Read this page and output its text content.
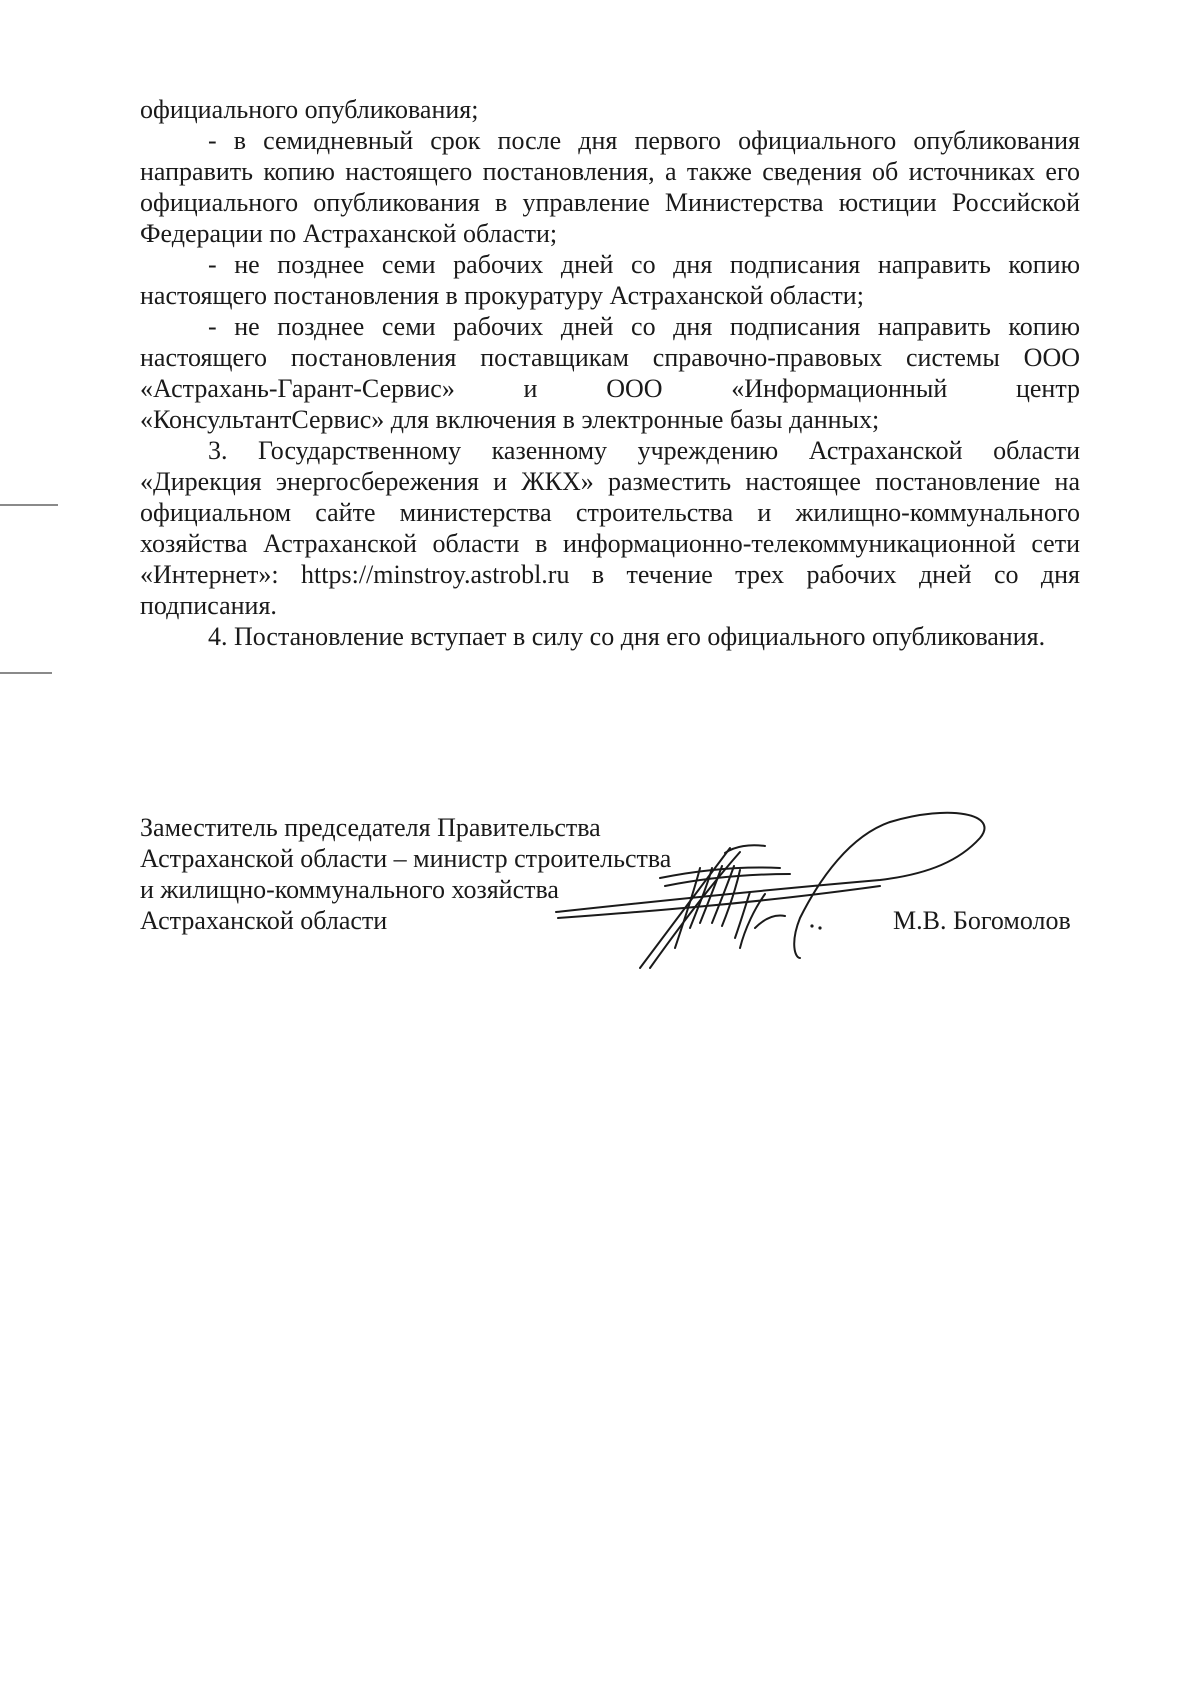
официального опубликования;

- в семидневный срок после дня первого официального опубликования направить копию настоящего постановления, а также сведения об источниках его официального опубликования в управление Министерства юстиции Российской Федерации по Астраханской области;

- не позднее семи рабочих дней со дня подписания направить копию настоящего постановления в прокуратуру Астраханской области;

- не позднее семи рабочих дней со дня подписания направить копию настоящего постановления поставщикам справочно-правовых системы ООО «Астрахань-Гарант-Сервис» и ООО «Информационный центр «КонсультантСервис» для включения в электронные базы данных;

3. Государственному казенному учреждению Астраханской области «Дирекция энергосбережения и ЖКХ» разместить настоящее постановление на официальном сайте министерства строительства и жилищно-коммунального хозяйства Астраханской области в информационно-телекоммуникационной сети «Интернет»: https://minstroy.astrobl.ru в течение трех рабочих дней со дня подписания.

4. Постановление вступает в силу со дня его официального опубликования.

Заместитель председателя Правительства
Астраханской области – министр строительства
и жилищно-коммунального хозяйства
Астраханской области	М.В. Богомолов
